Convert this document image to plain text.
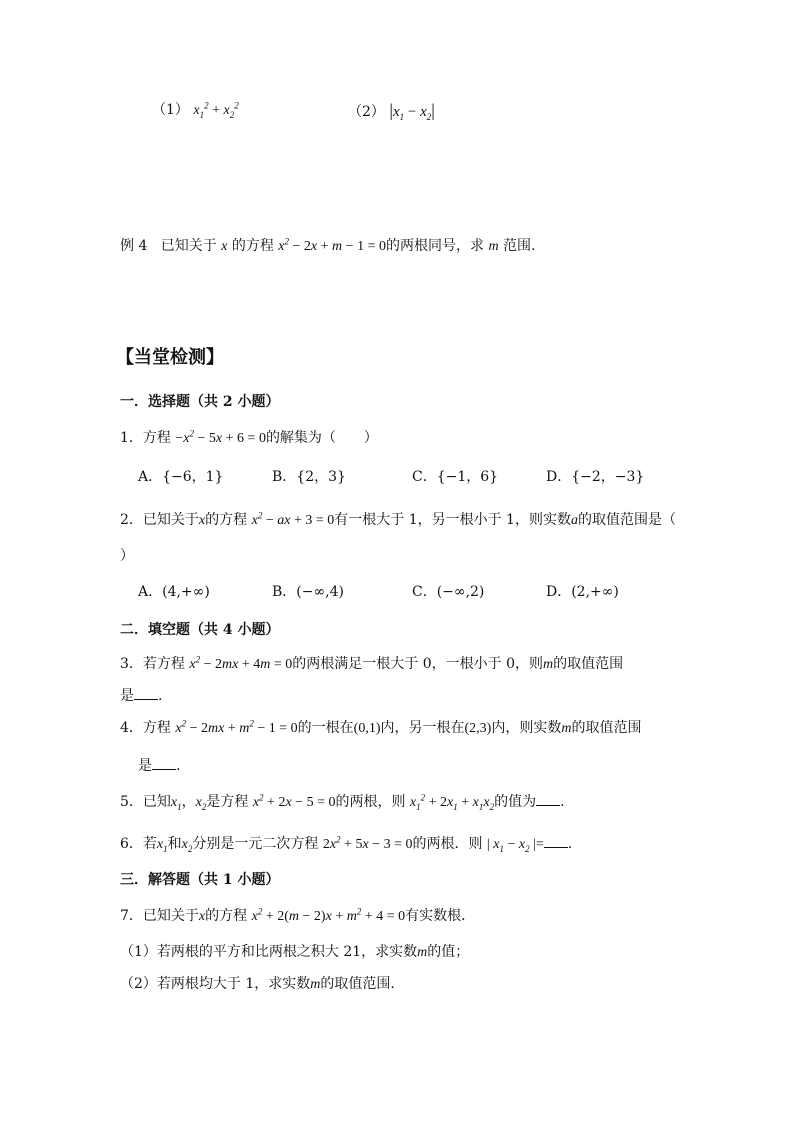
（1） $x_1^2 + x_2^2$	（2） $|x_1 - x_2|$
例 4 已知关于 x 的方程 $x^2 - 2x + m - 1 = 0$的两根同号，求 m 范围.
【当堂检测】
一．选择题（共 2 小题）
1．方程 $-x^2 - 5x + 6 = 0$的解集为（　　）
A．{−6，1}	B．{2，3}	C．{−1，6}	D．{−2，−3}
2．已知关于x的方程 $x^2$ − ax + 3 = 0有一根大于 1，另一根小于 1，则实数a的取值范围是（
）
A．(4,+∞)	B．(−∞,4)	C．(−∞,2)	D．(2,+∞)
二．填空题（共 4 小题）
3．若方程 $x^2 - 2mx + 4m = 0$的两根满足一根大于 0，一根小于 0，则m的取值范围
是 .
4．方程 $x^2 - 2mx + m^2 - 1 = 0$的一根在(0,1)内，另一根在(2,3)内，则实数m的取值范围
是 .
5．已知$x_1$，$x_2$是方程 $x^2 + 2x - 5 = 0$的两根，则 $x_1^2 + 2x_1 + x_1x_2$的值为 .
6．若$x_1$和$x_2$分别是一元二次方程 $2x^2 + 5x - 3 = 0$的两根．则 | $x_1 - x_2$ |= .
三．解答题（共 1 小题）
7．已知关于x的方程 $x^2 + 2(m - 2)x + m^2 + 4 = 0$有实数根．
（1）若两根的平方和比两根之积大 21，求实数m的值；
（2）若两根均大于 1，求实数m的取值范围.
